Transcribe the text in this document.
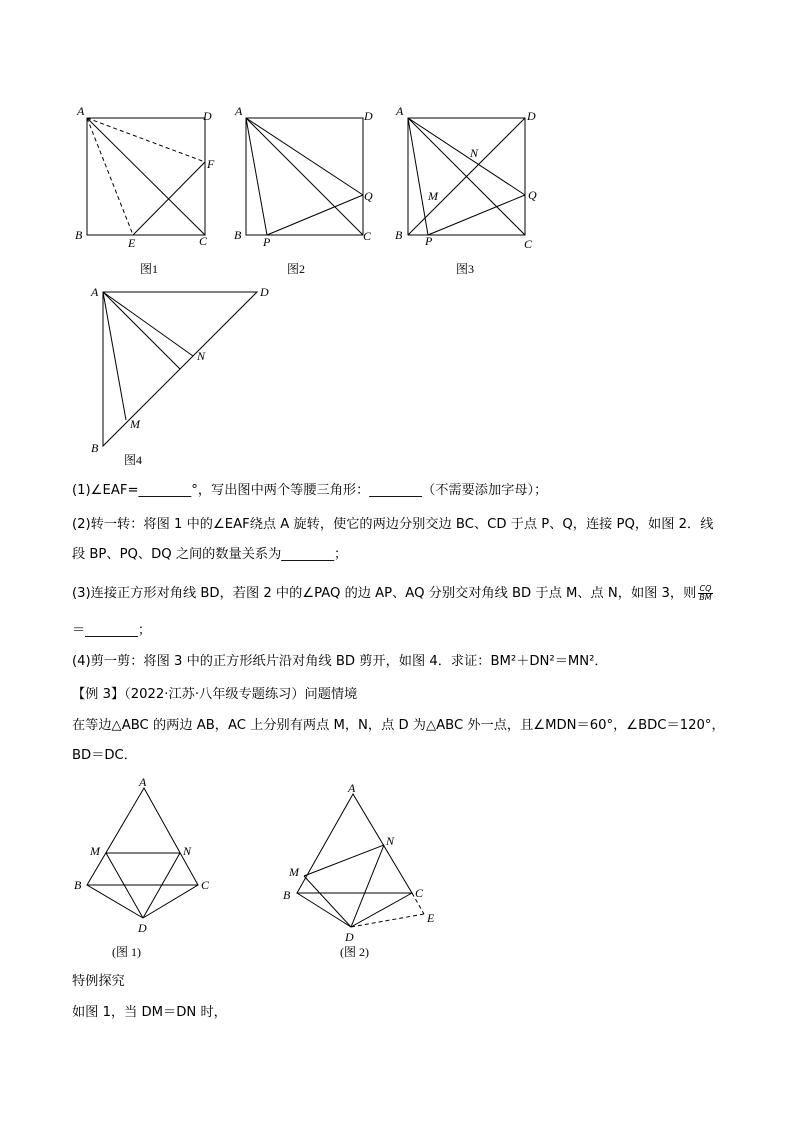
A	D
F
B
E	C
图1
A	D
Q
B P	C
图2
A	D
N
M	Q
B P	C
图3
A	D
N
M
B
图4
(1)∠EAF=________°，写出图中两个等腰三角形：________（不需要添加字母）；
(2)转一转：将图 1 中的∠EAF绕点 A 旋转，使它的两边分别交边 BC、CD 于点 P、Q，连接 PQ，如图 2．线
段 BP、PQ、DQ 之间的数量关系为________；
(3)连接正方形对角线 BD，若图 2 中的∠PAQ 的边 AP、AQ 分别交对角线 BD 于点 M、点 N，如图 3，则 $\frac{CQ}{BM}$
＝________；
(4)剪一剪：将图 3 中的正方形纸片沿对角线 BD 剪开，如图 4．求证：BM²＋DN²＝MN²．
【例 3】（2022·江苏·八年级专题练习）问题情境
在等边△ABC 的两边 AB，AC 上分别有两点 M，N，点 D 为△ABC 外一点，且∠MDN＝60°，∠BDC＝120°，
BD＝DC．
A
M	N
B	C
D
(图 1)
A
N
M
B	C
E
D
(图 2)
特例探究
如图 1，当 DM＝DN 时，
